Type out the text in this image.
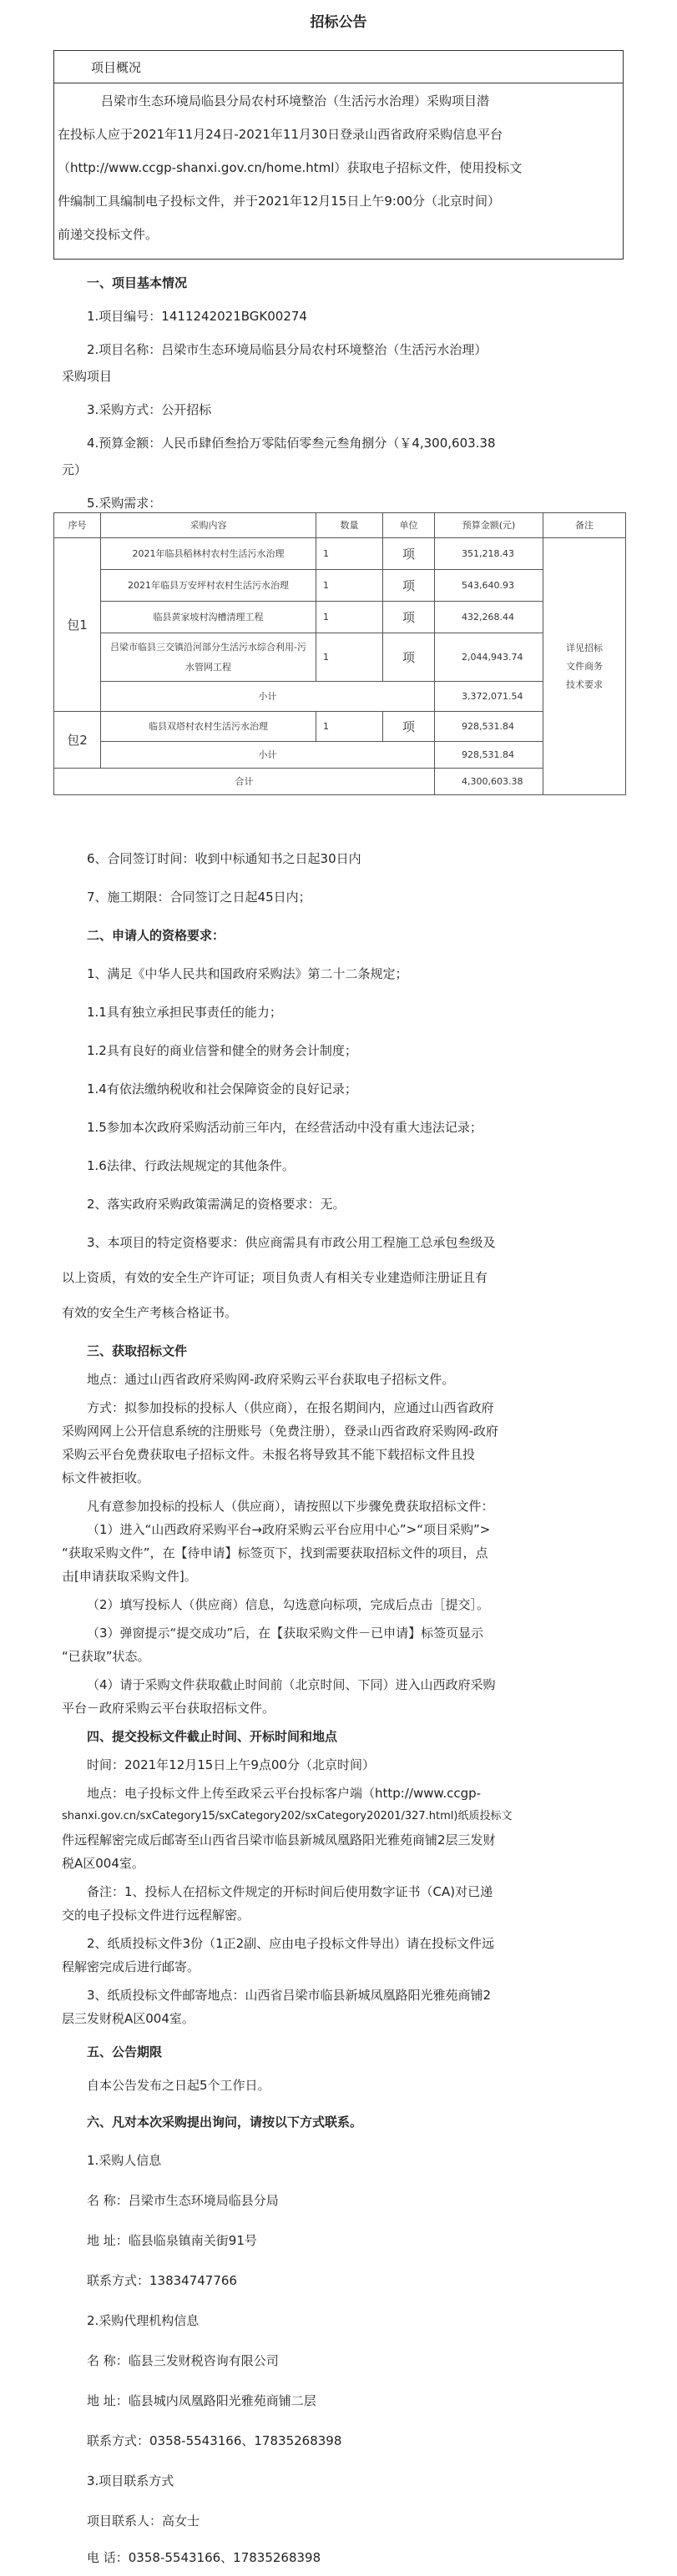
招标公告
项目概况
吕梁市生态环境局临县分局农村环境整治（生活污水治理）采购项目潜
在投标人应于2021年11月24日-2021年11月30日登录山西省政府采购信息平台
（http://www.ccgp-shanxi.gov.cn/home.html）获取电子招标文件，使用投标文
件编制工具编制电子投标文件，并于2021年12月15日上午9:00分（北京时间）
前递交投标文件。
一、项目基本情况
1.项目编号：1411242021BGK00274
2.项目名称：吕梁市生态环境局临县分局农村环境整治（生活污水治理）
采购项目
3.采购方式：公开招标
4.预算金额：人民币肆佰叁拾万零陆佰零叁元叁角捌分（￥4,300,603.38
元）
5.采购需求：
序号	采购内容	数量	单位	预算金额(元)	备注
包1	2021年临县稻林村农村生活污水治理	1	项	351,218.43	详见招标
文件商务
技术要求

	2021年临县万安坪村农村生活污水治理	1	项	543,640.93	
	临县黄家坡村沟槽清理工程	1	项	432,268.44	
	吕梁市临县三交镇沿河部分生活污水综合利用-污水管网工程	1	项	2,044,943.74	
	小计			3,372,071.54	
包2	临县双塔村农村生活污水治理	1	项	928,531.84	
	小计			928,531.84	
合计				4,300,603.38	
6、合同签订时间：收到中标通知书之日起30日内
7、施工期限：合同签订之日起45日内；
二、申请人的资格要求：
1、满足《中华人民共和国政府采购法》第二十二条规定；
1.1具有独立承担民事责任的能力；
1.2具有良好的商业信誉和健全的财务会计制度；
1.4有依法缴纳税收和社会保障资金的良好记录；
1.5参加本次政府采购活动前三年内，在经营活动中没有重大违法记录；
1.6法律、行政法规规定的其他条件。
2、落实政府采购政策需满足的资格要求：无。
3、本项目的特定资格要求：供应商需具有市政公用工程施工总承包叁级及
以上资质，有效的安全生产许可证；项目负责人有相关专业建造师注册证且有
有效的安全生产考核合格证书。
三、获取招标文件
地点：通过山西省政府采购网-政府采购云平台获取电子招标文件。
方式：拟参加投标的投标人（供应商），在报名期间内，应通过山西省政府
采购网网上公开信息系统的注册账号（免费注册），登录山西省政府采购网-政府
采购云平台免费获取电子招标文件。未报名将导致其不能下载招标文件且投
标文件被拒收。
凡有意参加投标的投标人（供应商），请按照以下步骤免费获取招标文件：
（1）进入“山西政府采购平台→政府采购云平台应用中心”>“项目采购”>
“获取采购文件”，在【待申请】标签页下，找到需要获取招标文件的项目，点
击[申请获取采购文件]。
（2）填写投标人（供应商）信息，勾选意向标项，完成后点击［提交］。
（3）弹窗提示“提交成功”后，在【获取采购文件－已申请】标签页显示
“已获取”状态。
（4）请于采购文件获取截止时间前（北京时间、下同）进入山西政府采购
平台－政府采购云平台获取招标文件。
四、提交投标文件截止时间、开标时间和地点
时间：2021年12月15日上午9点00分（北京时间）
地点：电子投标文件上传至政采云平台投标客户端（http://www.ccgp-
shanxi.gov.cn/sxCategory15/sxCategory202/sxCategory20201/327.html)纸质投标文
件远程解密完成后邮寄至山西省吕梁市临县新城凤凰路阳光雅苑商铺2层三发财
税A区004室。
备注：1、投标人在招标文件规定的开标时间后使用数字证书（CA)对已递
交的电子投标文件进行远程解密。
2、纸质投标文件3份（1正2副、应由电子投标文件导出）请在投标文件远
程解密完成后进行邮寄。
3、纸质投标文件邮寄地点：山西省吕梁市临县新城凤凰路阳光雅苑商铺2
层三发财税A区004室。
五、公告期限
自本公告发布之日起5个工作日。
六、凡对本次采购提出询问，请按以下方式联系。
1.采购人信息
名 称：吕梁市生态环境局临县分局
地 址：临县临泉镇南关街91号
联系方式：13834747766
2.采购代理机构信息
名 称：临县三发财税咨询有限公司
地 址：临县城内凤凰路阳光雅苑商铺二层
联系方式：0358-5543166、17835268398
3.项目联系方式
项目联系人：高女士
电 话：0358-5543166、17835268398
